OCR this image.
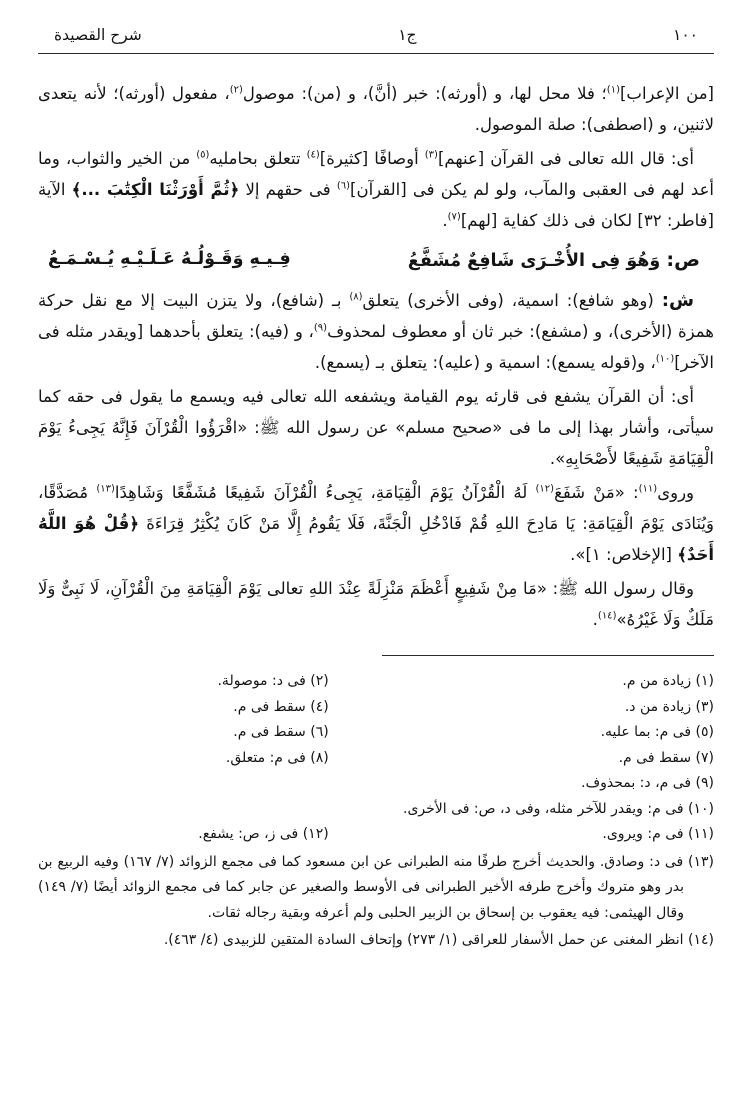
١٠٠
ج١
شرح القصيدة

[من الإعراب]$^{(١)}$؛ فلا محل لها، و (أورثه): خبر (أنَّ)، و (من): موصول$^{(٢)}$، مفعول (أورثه)؛ لأنه يتعدى لاثنين، و (اصطفى): صلة الموصول.

أى: قال الله تعالى فى القرآن [عنهم]$^{(٣)}$ أوصافًا [كثيرة]$^{(٤)}$ تتعلق بحامليه$^{(٥)}$ من الخير والثواب، وما أعد لهم فى العقبى والمآب، ولو لم يكن فى [القرآن]$^{(٦)}$ فى حقهم إلا ﴿ثُمَّ أَوْرَثْنَا الْكِتَٰبَ ...﴾ الآية [فاطر: ٣٢] لكان فى ذلك كفاية [لهم]$^{(٧)}$.

ص: وَهُوَ فِى الأُخْـرَى شَافِعٌ مُشَفَّعُ
فِـيـهِ وَقَـوْلُـهُ عَـلَـيْـهِ يُـسْـمَـعُ

ش: (وهو شافع): اسمية، (وفى الأخرى) يتعلق$^{(٨)}$ بـ (شافع)، ولا يتزن البيت إلا مع نقل حركة همزة (الأخرى)، و (مشفع): خبر ثان أو معطوف لمحذوف$^{(٩)}$، و (فيه): يتعلق بأحدهما [ويقدر مثله فى الآخر]$^{(١٠)}$، و(قوله يسمع): اسمية و (عليه): يتعلق بـ (يسمع).

أى: أن القرآن يشفع فى قارئه يوم القيامة ويشفعه الله تعالى فيه ويسمع ما يقول فى حقه كما سيأتى، وأشار بهذا إلى ما فى «صحيح مسلم» عن رسول الله ﷺ: «اقْرَؤُوا الْقُرْآنَ فَإِنَّهُ يَجِىءُ يَوْمَ الْقِيَامَةِ شَفِيعًا لأَصْحَابِهِ».

وروى$^{(١١)}$: «مَنْ شَفَعَ$^{(١٢)}$ لَهُ الْقُرْآنُ يَوْمَ الْقِيَامَةِ، يَجِىءُ الْقُرْآنَ شَفِيعًا مُشَفَّعًا وَشَاهِدًا$^{(١٣)}$ مُصَدَّقًا، وَيُنَادَى يَوْمَ الْقِيَامَةِ: يَا مَادِحَ اللهِ قُمْ فَادْخُلِ الْجَنَّةَ، فَلَا يَقُومُ إِلَّا مَنْ كَانَ يُكْثِرُ قِرَاءَةَ ﴿قُلْ هُوَ اللَّهُ أَحَدٌ﴾ [الإخلاص: ١]».

وقال رسول الله ﷺ: «مَا مِنْ شَفِيعٍ أَعْظَمَ مَنْزِلَةً عِنْدَ اللهِ تعالى يَوْمَ الْقِيَامَةِ مِنَ الْقُرْآنِ، لَا نَبِىٌّ وَلَا مَلَكٌ وَلَا غَيْرُهُ»$^{(١٤)}$.

(١) زيادة من م.
(٢) فى د: موصولة.
(٣) زيادة من د.
(٤) سقط فى م.
(٥) فى م: بما عليه.
(٦) سقط فى م.
(٧) سقط فى م.
(٨) فى م: متعلق.
(٩) فى م، د: بمحذوف.
(١٠) فى م: ويقدر للآخر مثله، وفى د، ص: فى الأخرى.
(١١) فى م: ويروى.
(١٢) فى ز، ص: يشفع.

(١٣) فى د: وصادق. والحديث أخرج طرفًا منه الطبرانى عن ابن مسعود كما فى مجمع الزوائد (٧/ ١٦٧) وفيه الربيع بن بدر وهو متروك وأخرج طرفه الأخير الطبرانى فى الأوسط والصغير عن جابر كما فى مجمع الزوائد أيضًا (٧/ ١٤٩) وقال الهيثمى: فيه يعقوب بن إسحاق بن الزبير الحلبى ولم أعرفه وبقية رجاله ثقات.

(١٤) انظر المغنى عن حمل الأسفار للعراقى (١/ ٢٧٣) وإتحاف السادة المتقين للزبيدى (٤/ ٤٦٣).
